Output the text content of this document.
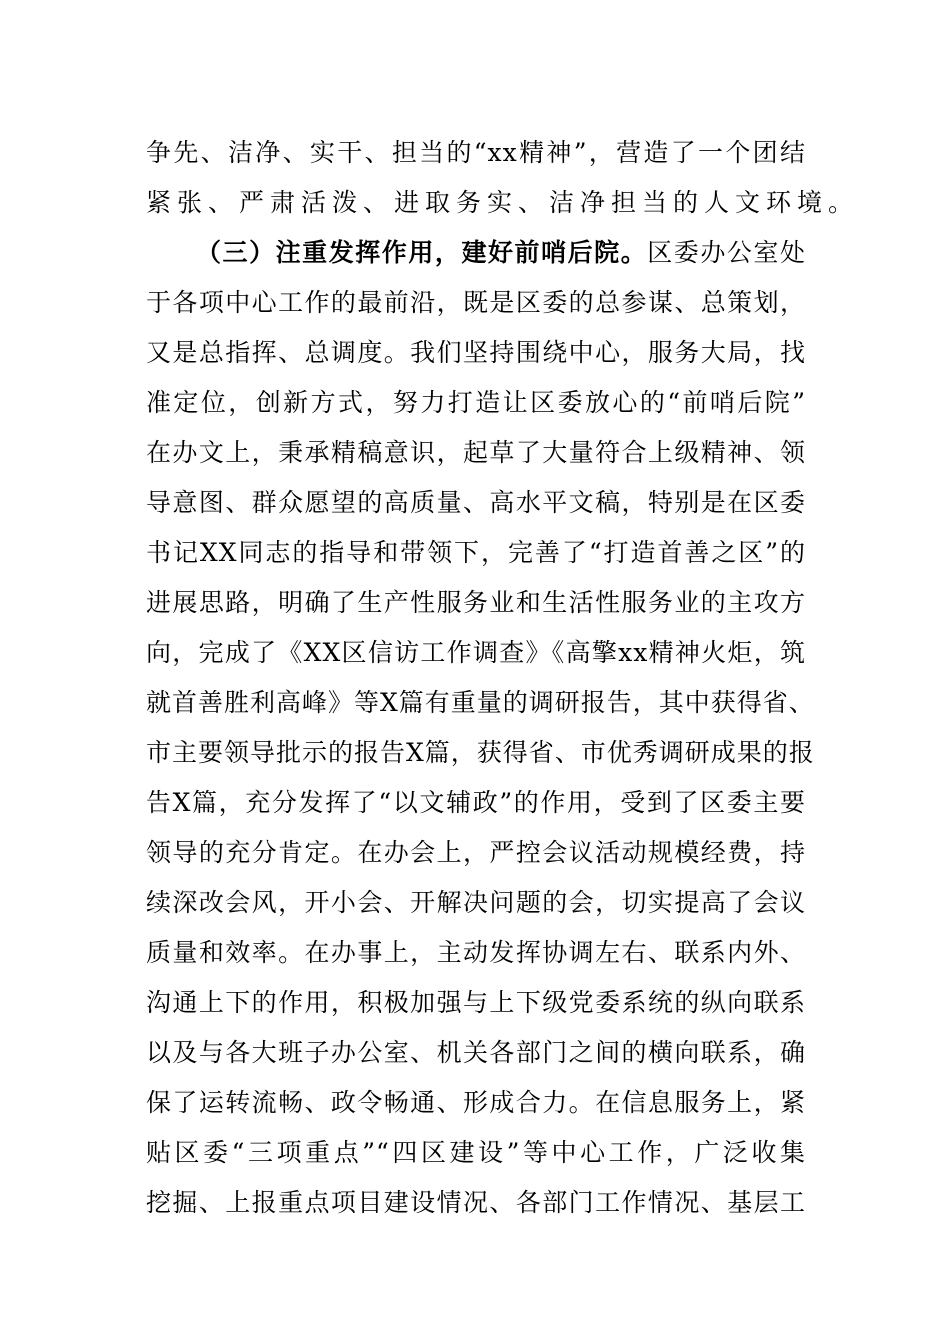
争先、洁净、实干、担当的“xx精神”，营造了一个团结
紧张、严肃活泼、进取务实、洁净担当的人文环境。
（三）注重发挥作用，建好前哨后院。区委办公室处
于各项中心工作的最前沿，既是区委的总参谋、总策划，
又是总指挥、总调度。我们坚持围绕中心，服务大局，找
准定位，创新方式，努力打造让区委放心的“前哨后院”
在办文上，秉承精稿意识，起草了大量符合上级精神、领
导意图、群众愿望的高质量、高水平文稿，特别是在区委
书记XX同志的指导和带领下，完善了“打造首善之区”的
进展思路，明确了生产性服务业和生活性服务业的主攻方
向，完成了《XX区信访工作调查》《高擎xx精神火炬，筑
就首善胜利高峰》等X篇有重量的调研报告，其中获得省、
市主要领导批示的报告X篇，获得省、市优秀调研成果的报
告X篇，充分发挥了“以文辅政”的作用，受到了区委主要
领导的充分肯定。在办会上，严控会议活动规模经费，持
续深改会风，开小会、开解决问题的会，切实提高了会议
质量和效率。在办事上，主动发挥协调左右、联系内外、
沟通上下的作用，积极加强与上下级党委系统的纵向联系
以及与各大班子办公室、机关各部门之间的横向联系，确
保了运转流畅、政令畅通、形成合力。在信息服务上，紧
贴区委“三项重点”“四区建设”等中心工作，广泛收集
挖掘、上报重点项目建设情况、各部门工作情况、基层工
